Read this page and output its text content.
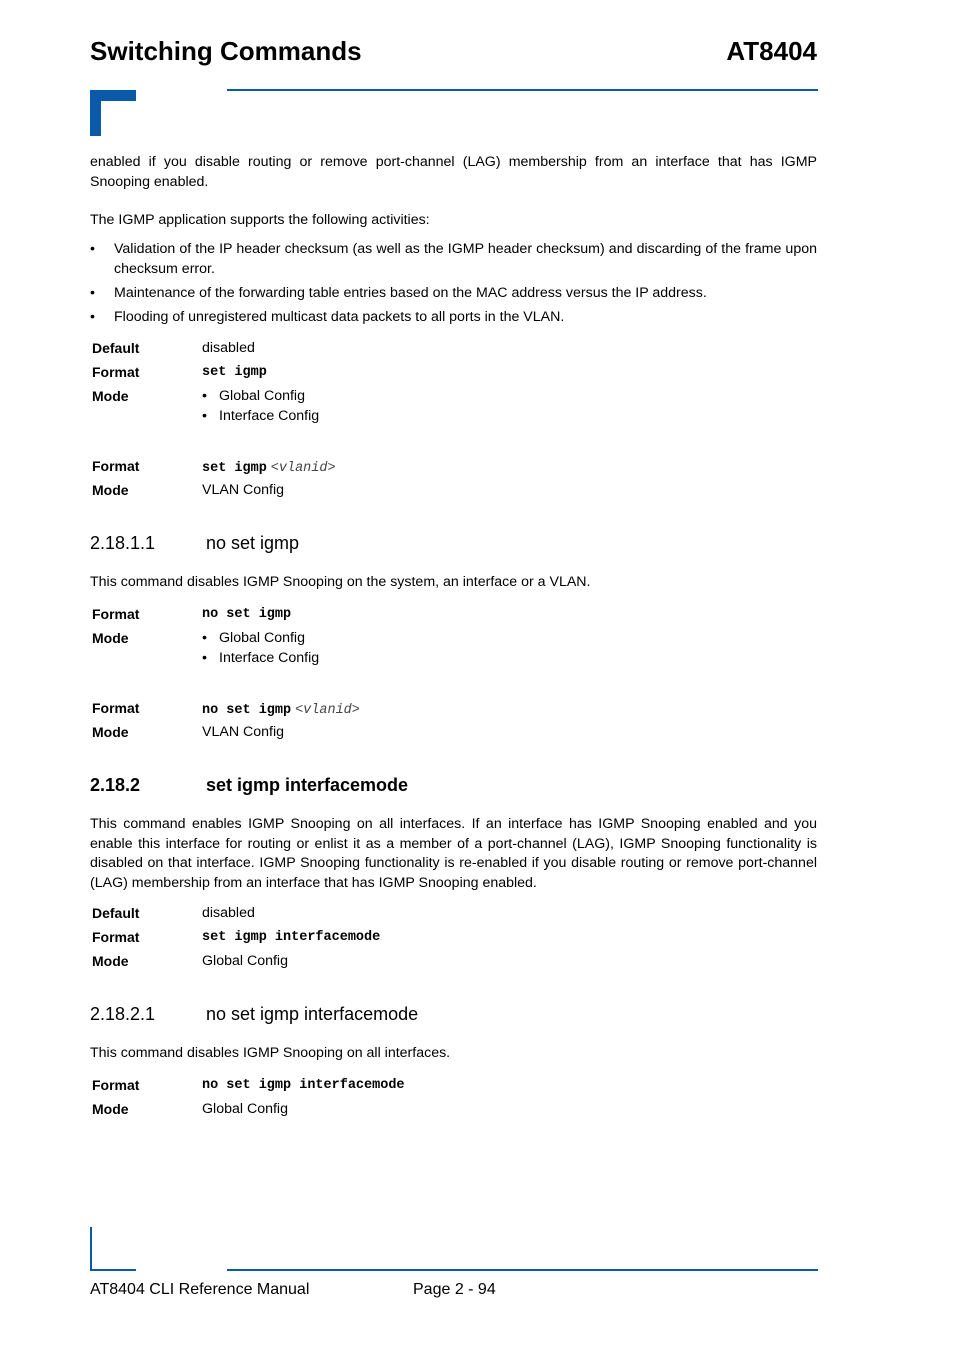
Switching Commands	AT8404
enabled if you disable routing or remove port-channel (LAG) membership from an interface that has IGMP Snooping enabled.
The IGMP application supports the following activities:
• Validation of the IP header checksum (as well as the IGMP header checksum) and discarding of the frame upon checksum error.
• Maintenance of the forwarding table entries based on the MAC address versus the IP address.
• Flooding of unregistered multicast data packets to all ports in the VLAN.
Default	disabled
Format	set igmp
Mode	• Global Config
• Interface Config
Format	set igmp <vlanid>
Mode	VLAN Config
2.18.1.1	no set igmp
This command disables IGMP Snooping on the system, an interface or a VLAN.
Format	no set igmp
Mode	• Global Config
• Interface Config
Format	no set igmp <vlanid>
Mode	VLAN Config
2.18.2	set igmp interfacemode
This command enables IGMP Snooping on all interfaces. If an interface has IGMP Snooping enabled and you enable this interface for routing or enlist it as a member of a port-channel (LAG), IGMP Snooping functionality is disabled on that interface. IGMP Snooping functionality is re-enabled if you disable routing or remove port-channel (LAG) membership from an interface that has IGMP Snooping enabled.
Default	disabled
Format	set igmp interfacemode
Mode	Global Config
2.18.2.1	no set igmp interfacemode
This command disables IGMP Snooping on all interfaces.
Format	no set igmp interfacemode
Mode	Global Config
AT8404 CLI Reference Manual	Page 2 - 94
